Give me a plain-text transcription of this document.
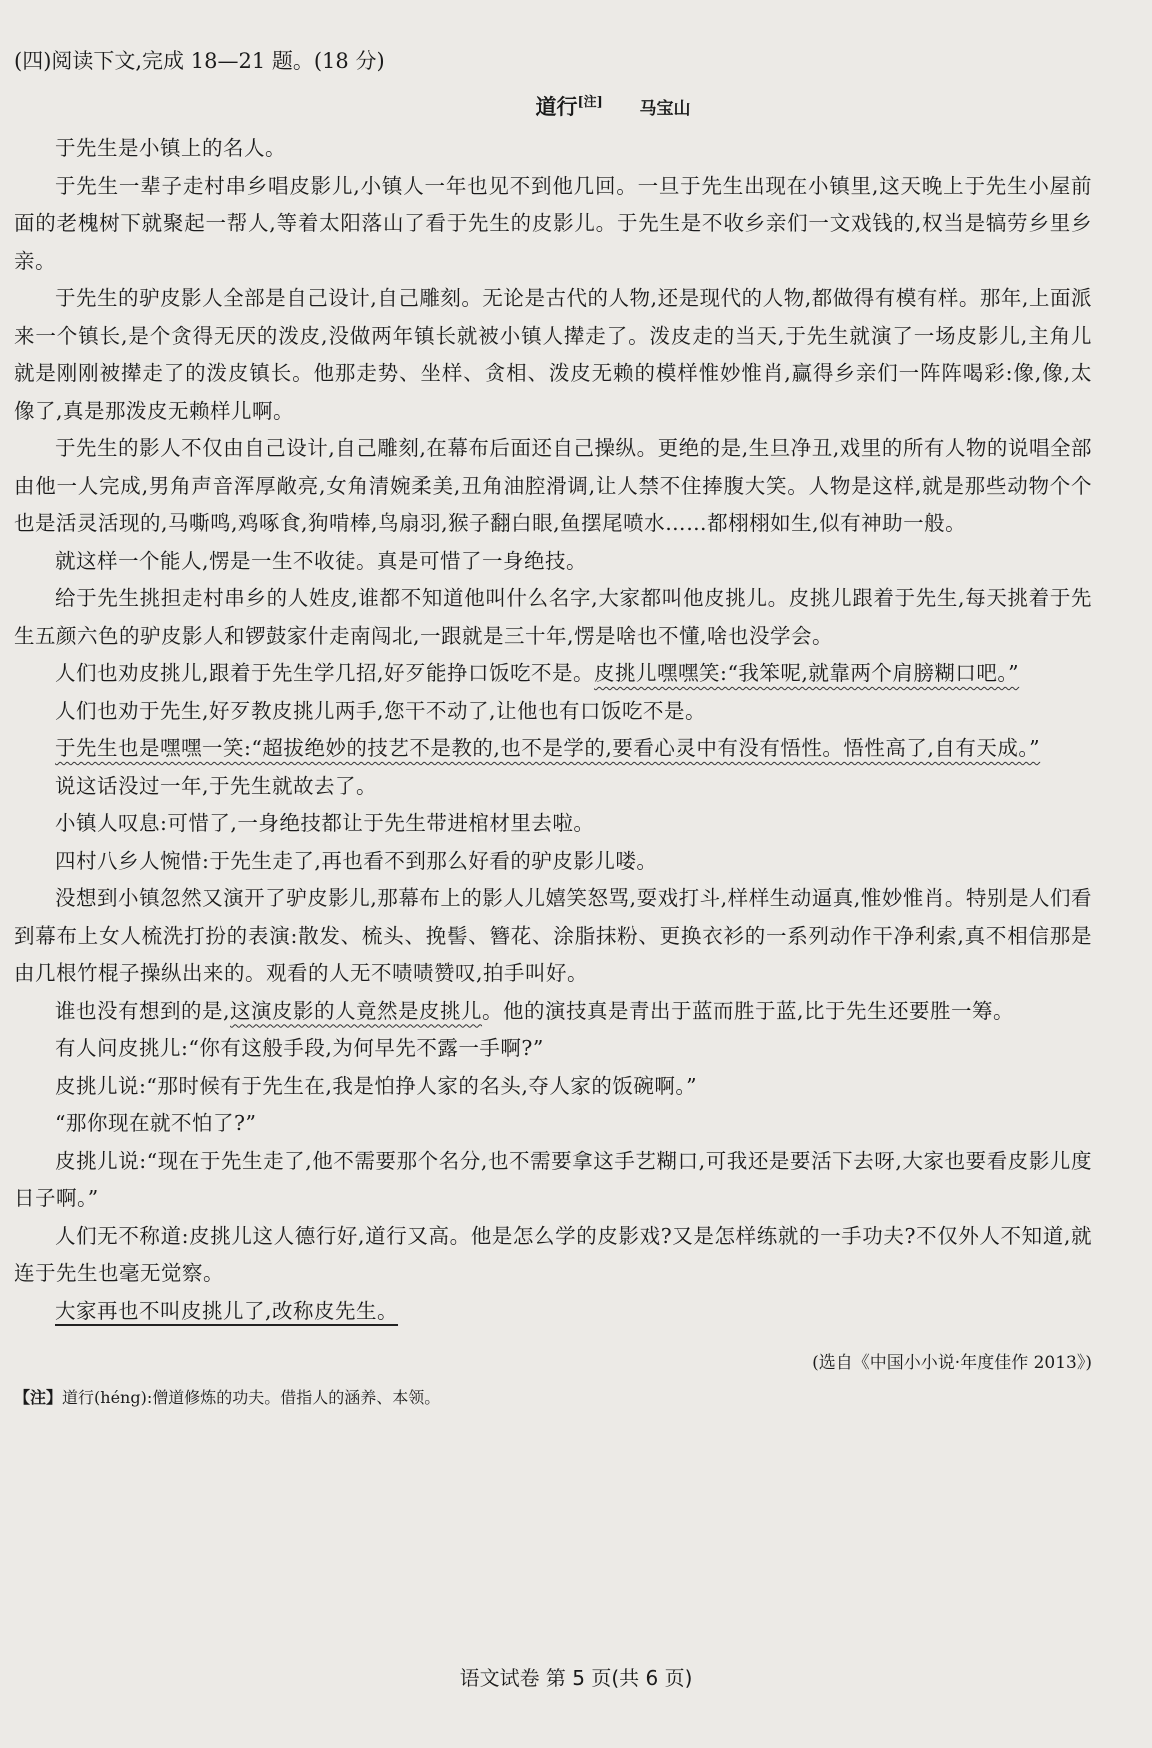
(四)阅读下文,完成 18—21 题。(18 分)

道行[注] 马宝山

于先生是小镇上的名人。

于先生一辈子走村串乡唱皮影儿,小镇人一年也见不到他几回。一旦于先生出现在小镇里,这天晚上于先生小屋前面的老槐树下就聚起一帮人,等着太阳落山了看于先生的皮影儿。于先生是不收乡亲们一文戏钱的,权当是犒劳乡里乡亲。

于先生的驴皮影人全部是自己设计,自己雕刻。无论是古代的人物,还是现代的人物,都做得有模有样。那年,上面派来一个镇长,是个贪得无厌的泼皮,没做两年镇长就被小镇人撵走了。泼皮走的当天,于先生就演了一场皮影儿,主角儿就是刚刚被撵走了的泼皮镇长。他那走势、坐样、贪相、泼皮无赖的模样惟妙惟肖,赢得乡亲们一阵阵喝彩:像,像,太像了,真是那泼皮无赖样儿啊。

于先生的影人不仅由自己设计,自己雕刻,在幕布后面还自己操纵。更绝的是,生旦净丑,戏里的所有人物的说唱全部由他一人完成,男角声音浑厚敞亮,女角清婉柔美,丑角油腔滑调,让人禁不住捧腹大笑。人物是这样,就是那些动物个个也是活灵活现的,马嘶鸣,鸡啄食,狗啃棒,鸟扇羽,猴子翻白眼,鱼摆尾喷水……都栩栩如生,似有神助一般。

就这样一个能人,愣是一生不收徒。真是可惜了一身绝技。

给于先生挑担走村串乡的人姓皮,谁都不知道他叫什么名字,大家都叫他皮挑儿。皮挑儿跟着于先生,每天挑着于先生五颜六色的驴皮影人和锣鼓家什走南闯北,一跟就是三十年,愣是啥也不懂,啥也没学会。

人们也劝皮挑儿,跟着于先生学几招,好歹能挣口饭吃不是。皮挑儿嘿嘿笑:“我笨呢,就靠两个肩膀糊口吧。”

人们也劝于先生,好歹教皮挑儿两手,您干不动了,让他也有口饭吃不是。

于先生也是嘿嘿一笑:“超拔绝妙的技艺不是教的,也不是学的,要看心灵中有没有悟性。悟性高了,自有天成。”

说这话没过一年,于先生就故去了。

小镇人叹息:可惜了,一身绝技都让于先生带进棺材里去啦。

四村八乡人惋惜:于先生走了,再也看不到那么好看的驴皮影儿喽。

没想到小镇忽然又演开了驴皮影儿,那幕布上的影人儿嬉笑怒骂,耍戏打斗,样样生动逼真,惟妙惟肖。特别是人们看到幕布上女人梳洗打扮的表演:散发、梳头、挽髻、簪花、涂脂抹粉、更换衣衫的一系列动作干净利索,真不相信那是由几根竹棍子操纵出来的。观看的人无不啧啧赞叹,拍手叫好。

谁也没有想到的是,这演皮影的人竟然是皮挑儿。他的演技真是青出于蓝而胜于蓝,比于先生还要胜一筹。

有人问皮挑儿:“你有这般手段,为何早先不露一手啊?”

皮挑儿说:“那时候有于先生在,我是怕挣人家的名头,夺人家的饭碗啊。”

“那你现在就不怕了?”

皮挑儿说:“现在于先生走了,他不需要那个名分,也不需要拿这手艺糊口,可我还是要活下去呀,大家也要看皮影儿度日子啊。”

人们无不称道:皮挑儿这人德行好,道行又高。他是怎么学的皮影戏?又是怎样练就的一手功夫?不仅外人不知道,就连于先生也毫无觉察。

大家再也不叫皮挑儿了,改称皮先生。

(选自《中国小小说·年度佳作 2013》)

【注】道行(héng):僧道修炼的功夫。借指人的涵养、本领。

语文试卷 第 5 页(共 6 页)
